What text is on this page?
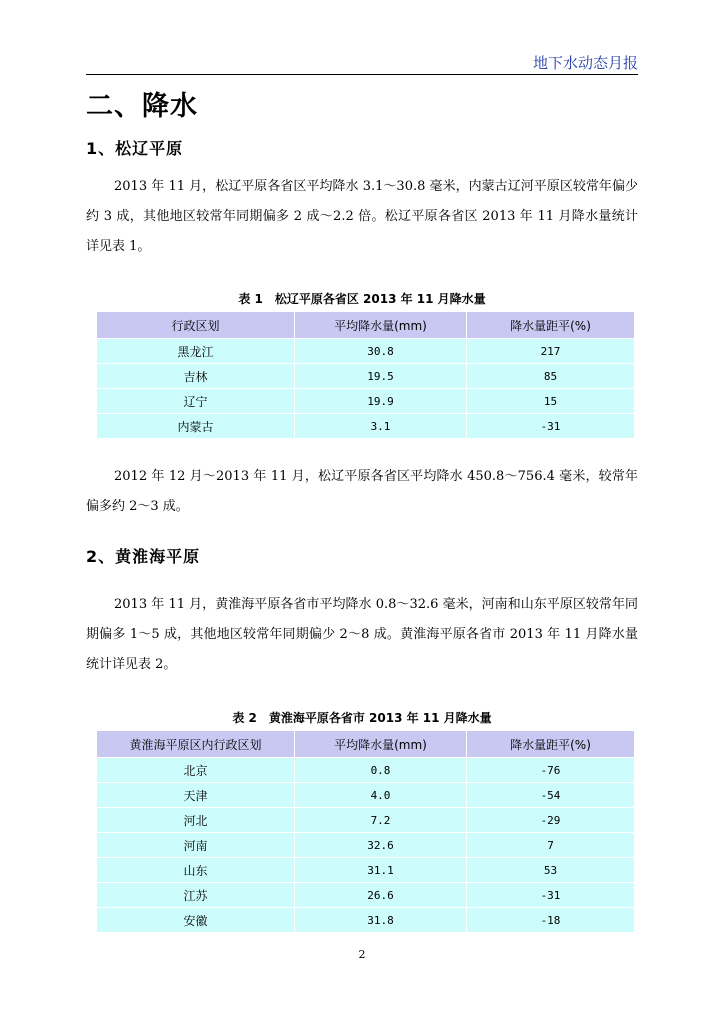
地下水动态月报
二、降水
1、松辽平原
2013 年 11 月，松辽平原各省区平均降水 3.1～30.8 毫米，内蒙古辽河平原区较常年偏少约 3 成，其他地区较常年同期偏多 2 成～2.2 倍。松辽平原各省区 2013 年 11 月降水量统计详见表 1。
表 1　松辽平原各省区 2013 年 11 月降水量
行政区划	平均降水量(mm)	降水量距平(%)
黑龙江	30.8	217
吉林	19.5	85
辽宁	19.9	15
内蒙古	3.1	-31
2012 年 12 月～2013 年 11 月，松辽平原各省区平均降水 450.8～756.4 毫米，较常年偏多约 2～3 成。
2、黄淮海平原
2013 年 11 月，黄淮海平原各省市平均降水 0.8～32.6 毫米，河南和山东平原区较常年同期偏多 1～5 成，其他地区较常年同期偏少 2～8 成。黄淮海平原各省市 2013 年 11 月降水量统计详见表 2。
表 2　黄淮海平原各省市 2013 年 11 月降水量
黄淮海平原区内行政区划	平均降水量(mm)	降水量距平(%)
北京	0.8	-76
天津	4.0	-54
河北	7.2	-29
河南	32.6	7
山东	31.1	53
江苏	26.6	-31
安徽	31.8	-18
2
